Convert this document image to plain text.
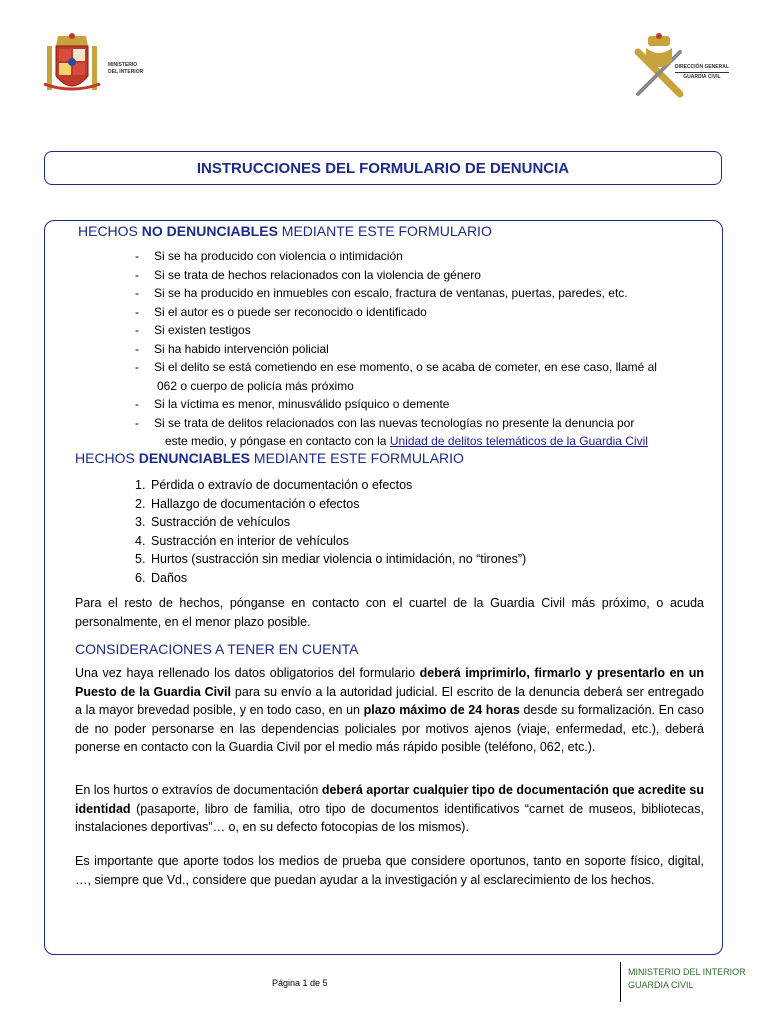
MINISTERIO
DEL INTERIOR
DIRECCIÓN GENERAL
GUARDIA CIVIL
INSTRUCCIONES DEL FORMULARIO DE DENUNCIA
HECHOS NO DENUNCIABLES MEDIANTE ESTE FORMULARIO
-	Si se ha producido con violencia o intimidación
-	Si se trata de hechos relacionados con la violencia de género
-	Si se ha producido en inmuebles con escalo, fractura de ventanas, puertas, paredes, etc.
-	Si el autor es o puede ser reconocido o identificado
-	Si existen testigos
-	Si ha habido intervención policial
-	Si el delito se está cometiendo en ese momento, o se acaba de cometer, en ese caso, llamé al
062 o cuerpo de policía más próximo
-	Si la víctima es menor, minusválido psíquico o demente
-	Si se trata de delitos relacionados con las nuevas tecnologías no presente la denuncia por
este medio, y póngase en contacto con la Unidad de delitos telemáticos de la Guardia Civil
HECHOS DENUNCIABLES MEDIANTE ESTE FORMULARIO
1. Pérdida o extravío de documentación o efectos
2. Hallazgo de documentación o efectos
3. Sustracción de vehículos
4. Sustracción en interior de vehículos
5. Hurtos (sustracción sin mediar violencia o intimidación, no “tirones”)
6. Daños
Para el resto de hechos, pónganse en contacto con el cuartel de la Guardia Civil más próximo, o acuda personalmente, en el menor plazo posible.
CONSIDERACIONES A TENER EN CUENTA
Una vez haya rellenado los datos obligatorios del formulario deberá imprimirlo, firmarlo y presentarlo en un Puesto de la Guardia Civil para su envío a la autoridad judicial. El escrito de la denuncia deberá ser entregado a la mayor brevedad posible, y en todo caso, en un plazo máximo de 24 horas desde su formalización. En caso de no poder personarse en las dependencias policiales por motivos ajenos (viaje, enfermedad, etc.), deberá ponerse en contacto con la Guardia Civil por el medio más rápido posible (teléfono, 062, etc.).
En los hurtos o extravíos de documentación deberá aportar cualquier tipo de documentación que acredite su identidad (pasaporte, libro de familia, otro tipo de documentos identificativos “carnet de museos, bibliotecas, instalaciones deportivas”… o, en su defecto fotocopias de los mismos).
Es importante que aporte todos los medios de prueba que considere oportunos, tanto en soporte físico, digital, …, siempre que Vd., considere que puedan ayudar a la investigación y al esclarecimiento de los hechos.
Página 1 de 5
MINISTERIO DEL INTERIOR
GUARDIA CIVIL
